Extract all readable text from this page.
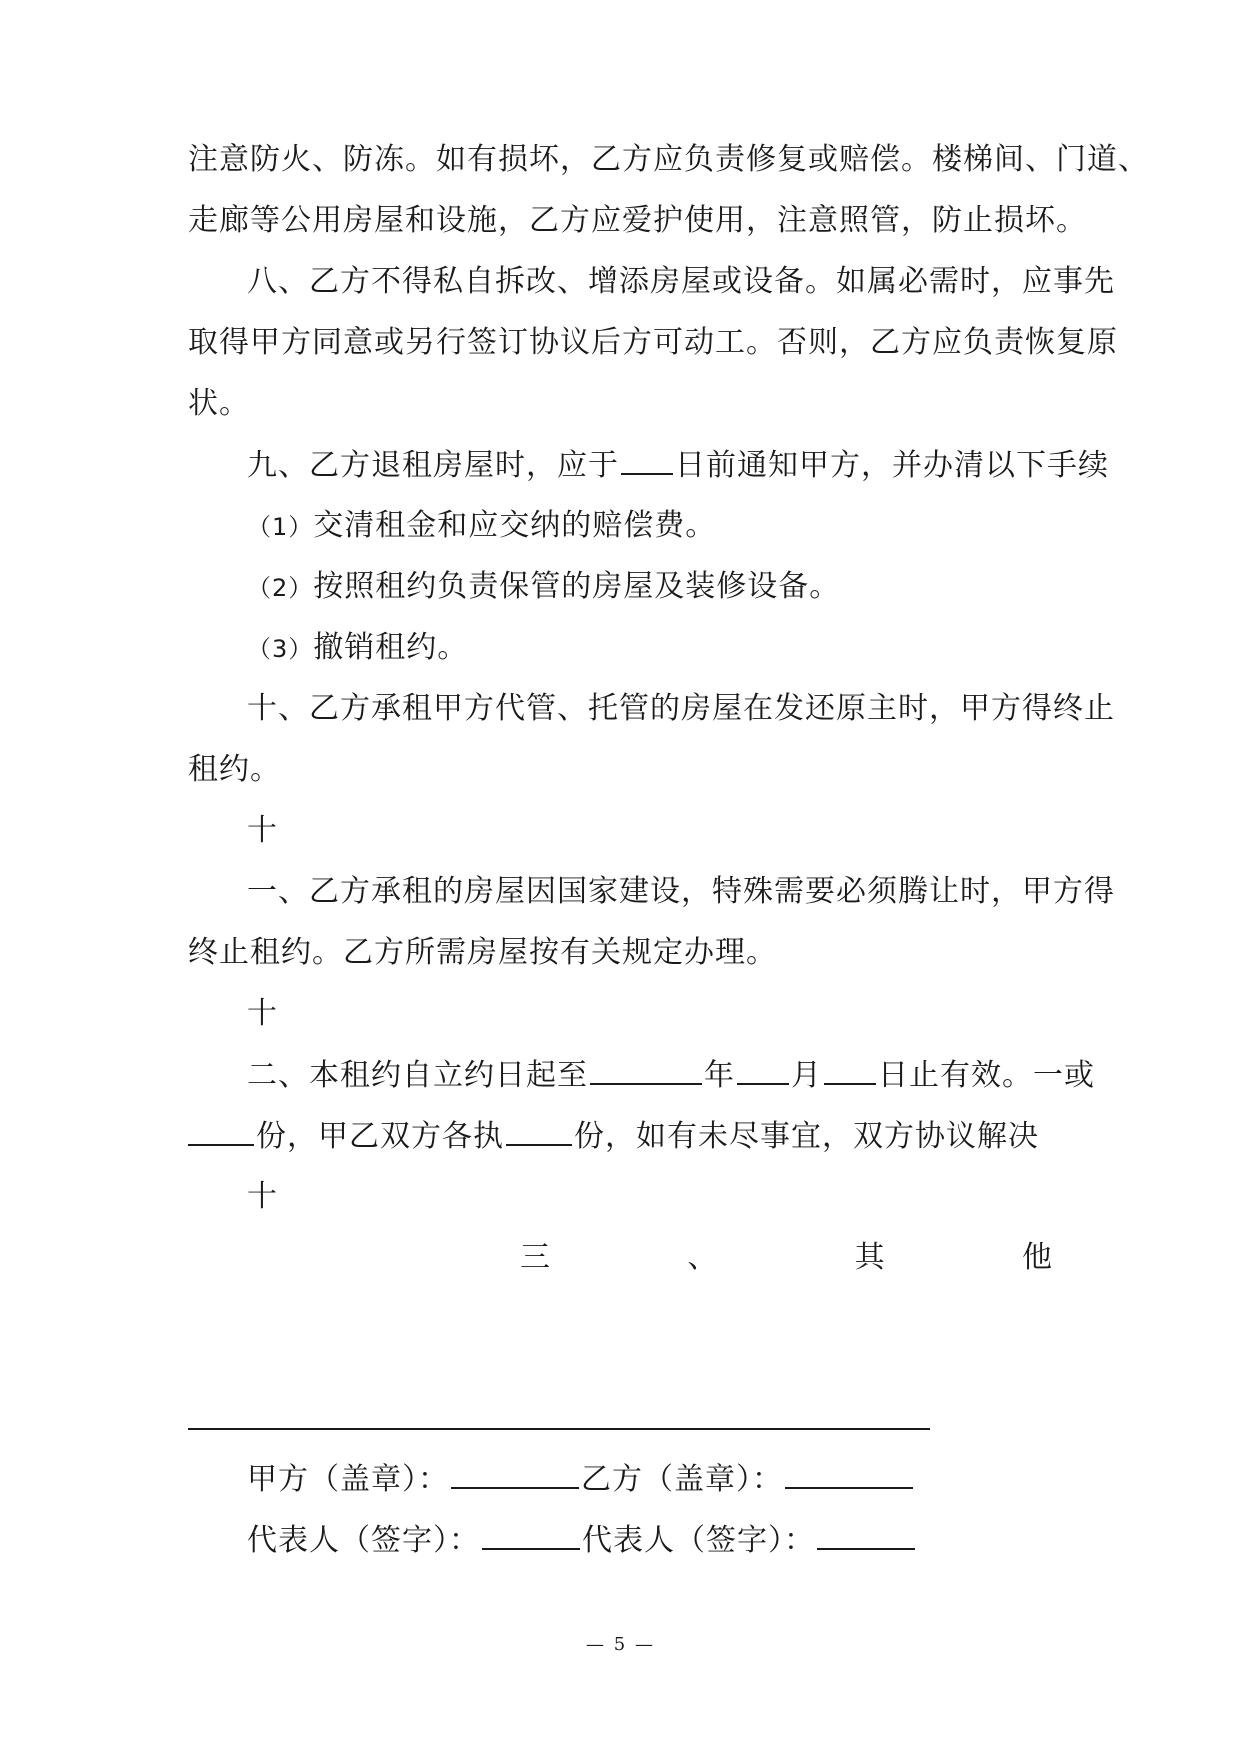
注意防火、防冻。如有损坏，乙方应负责修复或赔偿。楼梯间、门道、
走廊等公用房屋和设施，乙方应爱护使用，注意照管，防止损坏。
八、乙方不得私自拆改、增添房屋或设备。如属必需时，应事先
取得甲方同意或另行签订协议后方可动工。否则，乙方应负责恢复原
状。
九、乙方退租房屋时，应于 日前通知甲方，并办清以下手续
（1）交清租金和应交纳的赔偿费。
（2）按照租约负责保管的房屋及装修设备。
（3）撤销租约。
十、乙方承租甲方代管、托管的房屋在发还原主时，甲方得终止
租约。
十
一、乙方承租的房屋因国家建设，特殊需要必须腾让时，甲方得
终止租约。乙方所需房屋按有关规定办理。
十
二、本租约自立约日起至	年 月 日止有效。一或
份，甲乙双方各执 份，如有未尽事宜，双方协议解决
十
三	、	其	他
甲方（盖章）：	乙方（盖章）：
代表人（签字）：	代表人（签字）：
— 5 —
